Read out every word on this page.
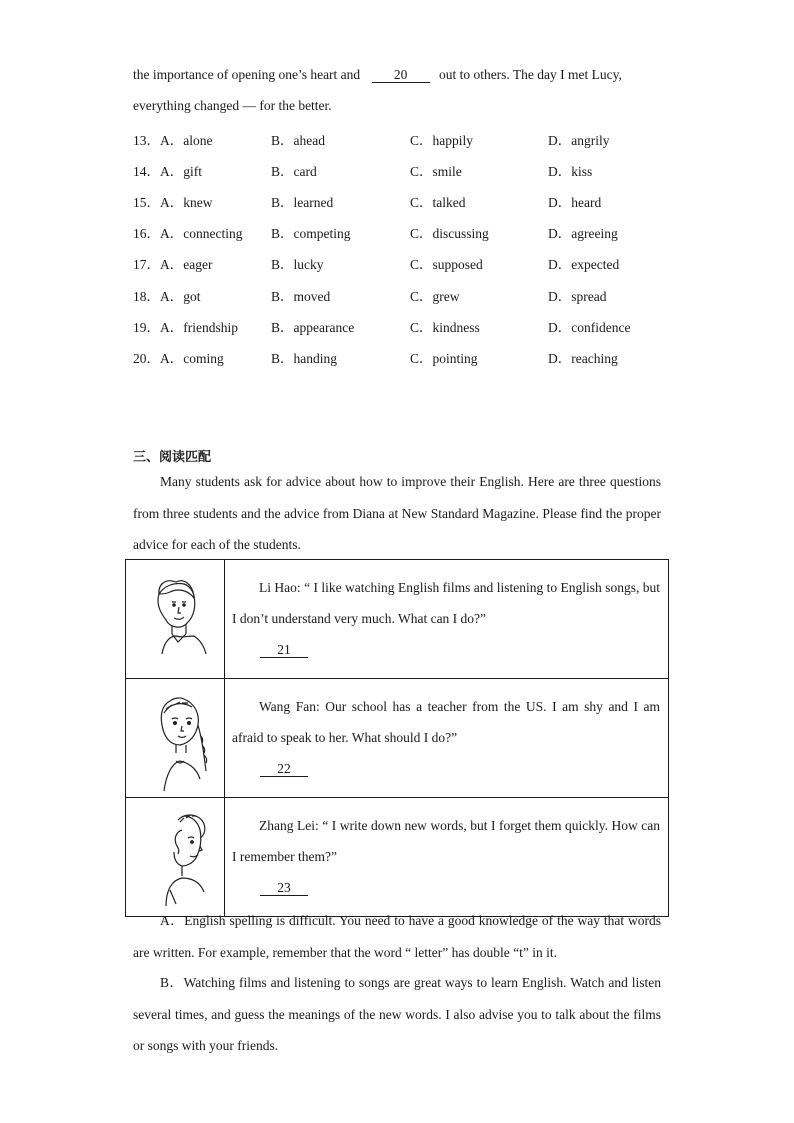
the importance of opening one’s heart and 20 out to others. The day I met Lucy,
everything changed — for the better.
13． A．alone	B．ahead	C．happily	D．angrily
14． A．gift	B．card	C．smile	D．kiss
15． A．knew	B．learned	C．talked	D．heard
16． A．connecting B．competing	C．discussing	D．agreeing
17． A．eager	B．lucky	C．supposed	D．expected
18． A．got	B．moved	C．grew	D．spread
19． A．friendship B．appearance	C．kindness	D．confidence
20． A．coming	B．handing	C．pointing	D．reaching
三、阅读匹配
Many students ask for advice about how to improve their English. Here are three questions from three students and the advice from Diana at New Standard Magazine. Please find the proper advice for each of the students.

Li Hao: “ I like watching English films and listening to English songs, but I don’t understand very much. What can I do?”
21

Wang Fan: Our school has a teacher from the US. I am shy and I am afraid to speak to her. What should I do?”
22

Zhang Lei: “ I write down new words, but I forget them quickly. How can I remember them?”
23
A．English spelling is difficult. You need to have a good knowledge of the way that words are written. For example, remember that the word “ letter” has double “t” in it.
B．Watching films and listening to songs are great ways to learn English. Watch and listen several times, and guess the meanings of the new words. I also advise you to talk about the films or songs with your friends.
